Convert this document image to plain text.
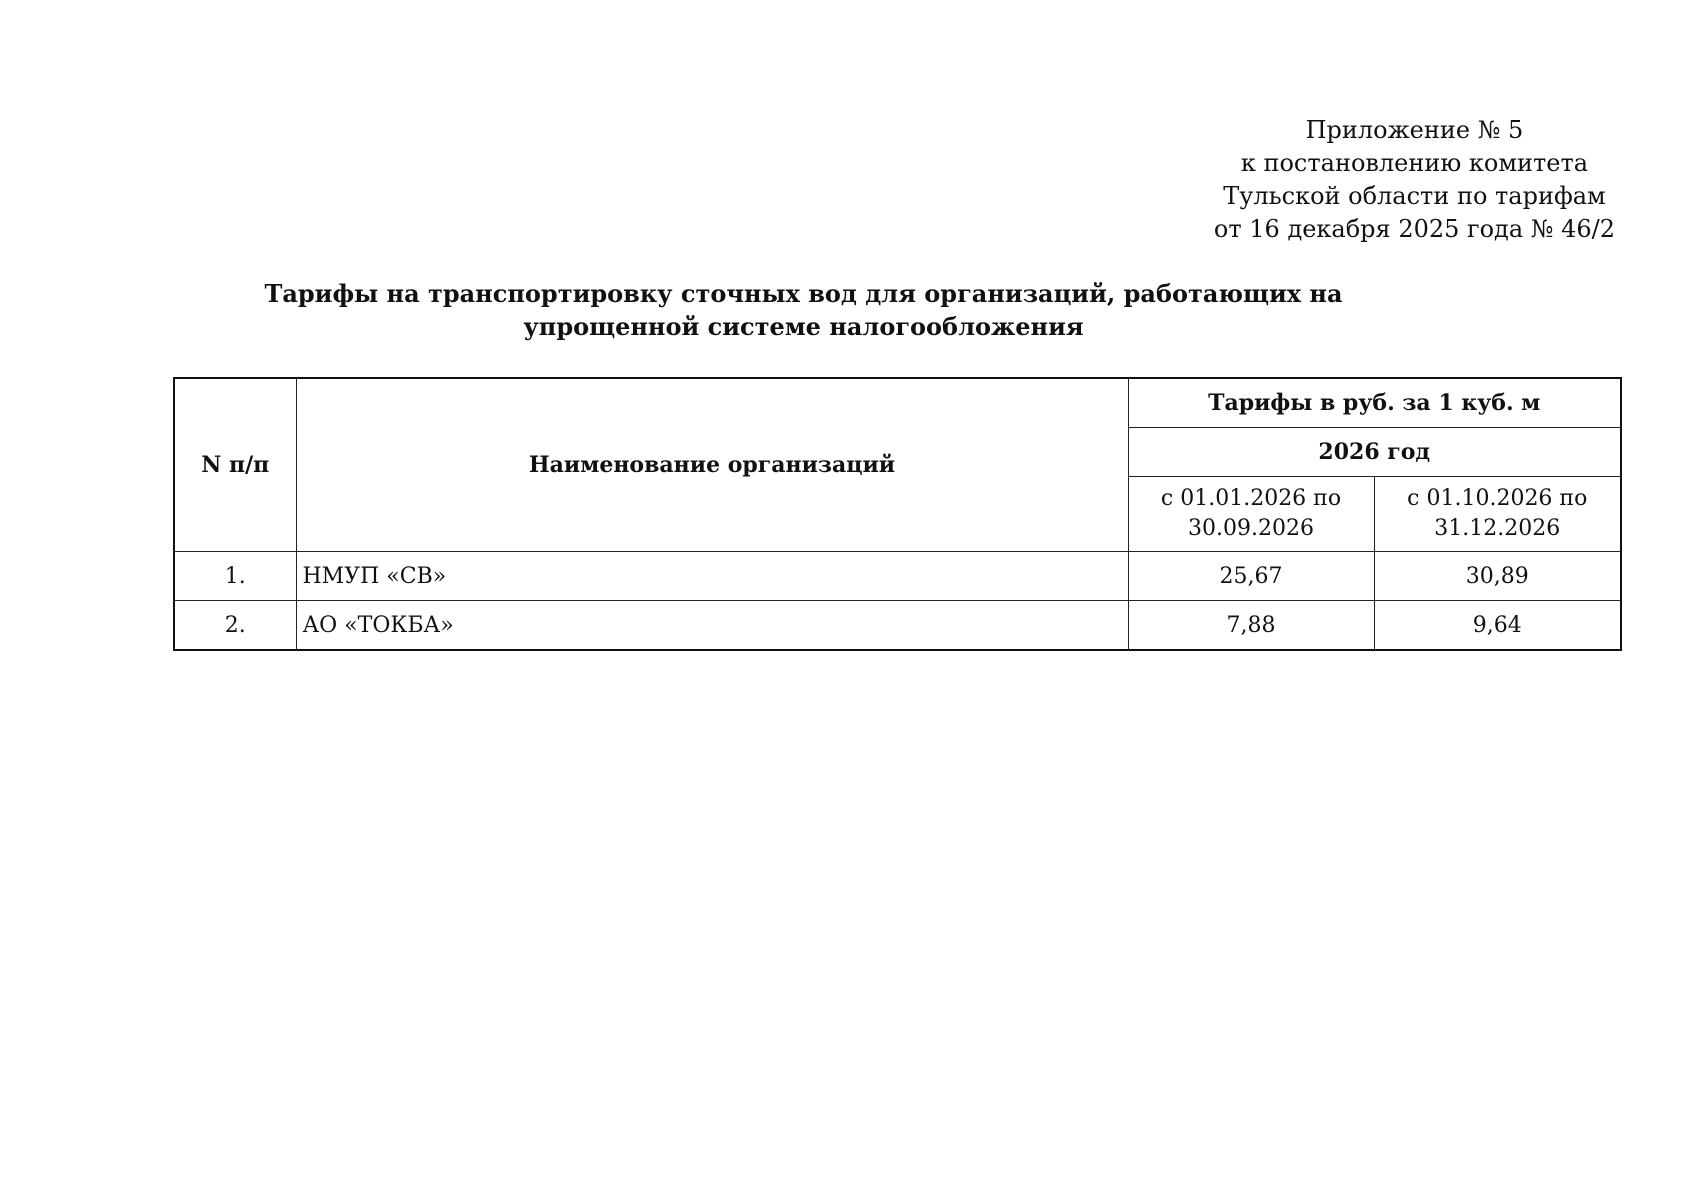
Приложение № 5
к постановлению комитета
Тульской области по тарифам
от 16 декабря 2025 года № 46/2
Тарифы на транспортировку сточных вод для организаций, работающих на упрощенной системе налогообложения
N п/п	Наименование организаций	Тарифы в руб. за 1 куб. м	
		2026 год	
		с 01.01.2026 по 30.09.2026	с 01.10.2026 по 31.12.2026
1.	НМУП «СВ»	25,67	30,89
2.	АО «ТОКБА»	7,88	9,64
